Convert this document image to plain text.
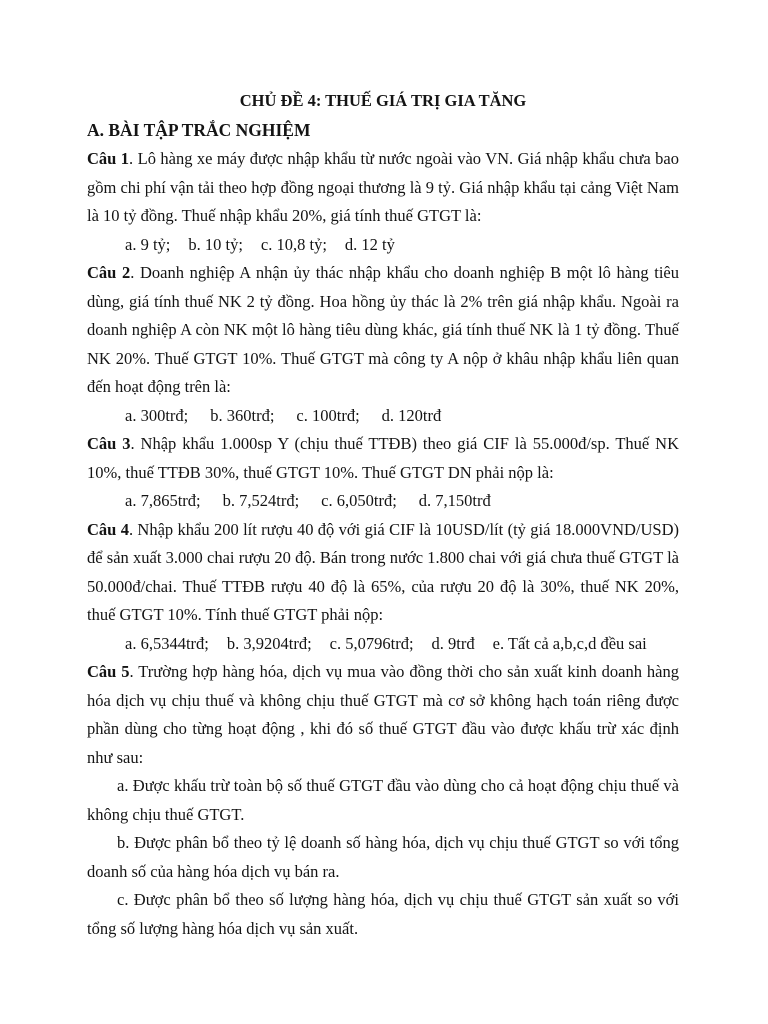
CHỦ ĐỀ 4: THUẾ GIÁ TRỊ GIA TĂNG
A. BÀI TẬP TRẮC NGHIỆM

Câu 1. Lô hàng xe máy được nhập khẩu từ nước ngoài vào VN. Giá nhập khẩu chưa bao gồm chi phí vận tải theo hợp đồng ngoại thương là 9 tỷ. Giá nhập khẩu tại cảng Việt Nam là 10 tỷ đồng. Thuế nhập khẩu 20%, giá tính thuế GTGT là:

a. 9 tỷ; b. 10 tỷ; c. 10,8 tỷ; d. 12 tỷ

Câu 2. Doanh nghiệp A nhận ủy thác nhập khẩu cho doanh nghiệp B một lô hàng tiêu dùng, giá tính thuế NK 2 tỷ đồng. Hoa hồng ủy thác là 2% trên giá nhập khẩu. Ngoài ra doanh nghiệp A còn NK một lô hàng tiêu dùng khác, giá tính thuế NK là 1 tỷ đồng. Thuế NK 20%. Thuế GTGT 10%. Thuế GTGT mà công ty A nộp ở khâu nhập khẩu liên quan đến hoạt động trên là:

a. 300trđ; b. 360trđ; c. 100trđ; d. 120trđ

Câu 3. Nhập khẩu 1.000sp Y (chịu thuế TTĐB) theo giá CIF là 55.000đ/sp. Thuế NK 10%, thuế TTĐB 30%, thuế GTGT 10%. Thuế GTGT DN phải nộp là:

a. 7,865trđ; b. 7,524trđ; c. 6,050trđ; d. 7,150trđ

Câu 4. Nhập khẩu 200 lít rượu 40 độ với giá CIF là 10USD/lít (tỷ giá 18.000VND/USD) để sản xuất 3.000 chai rượu 20 độ. Bán trong nước 1.800 chai với giá chưa thuế GTGT là 50.000đ/chai. Thuế TTĐB rượu 40 độ là 65%, của rượu 20 độ là 30%, thuế NK 20%, thuế GTGT 10%. Tính thuế GTGT phải nộp:

a. 6,5344trđ; b. 3,9204trđ; c. 5,0796trđ; d. 9trđ e. Tất cả a,b,c,d đều sai

Câu 5. Trường hợp hàng hóa, dịch vụ mua vào đồng thời cho sản xuất kinh doanh hàng hóa dịch vụ chịu thuế và không chịu thuế GTGT mà cơ sở không hạch toán riêng được phần dùng cho từng hoạt động , khi đó số thuế GTGT đầu vào được khấu trừ xác định như sau:

a. Được khấu trừ toàn bộ số thuế GTGT đầu vào dùng cho cả hoạt động chịu thuế và không chịu thuế GTGT.

b. Được phân bổ theo tỷ lệ doanh số hàng hóa, dịch vụ chịu thuế GTGT so với tổng doanh số của hàng hóa dịch vụ bán ra.

c. Được phân bổ theo số lượng hàng hóa, dịch vụ chịu thuế GTGT sản xuất so với tổng số lượng hàng hóa dịch vụ sản xuất.
